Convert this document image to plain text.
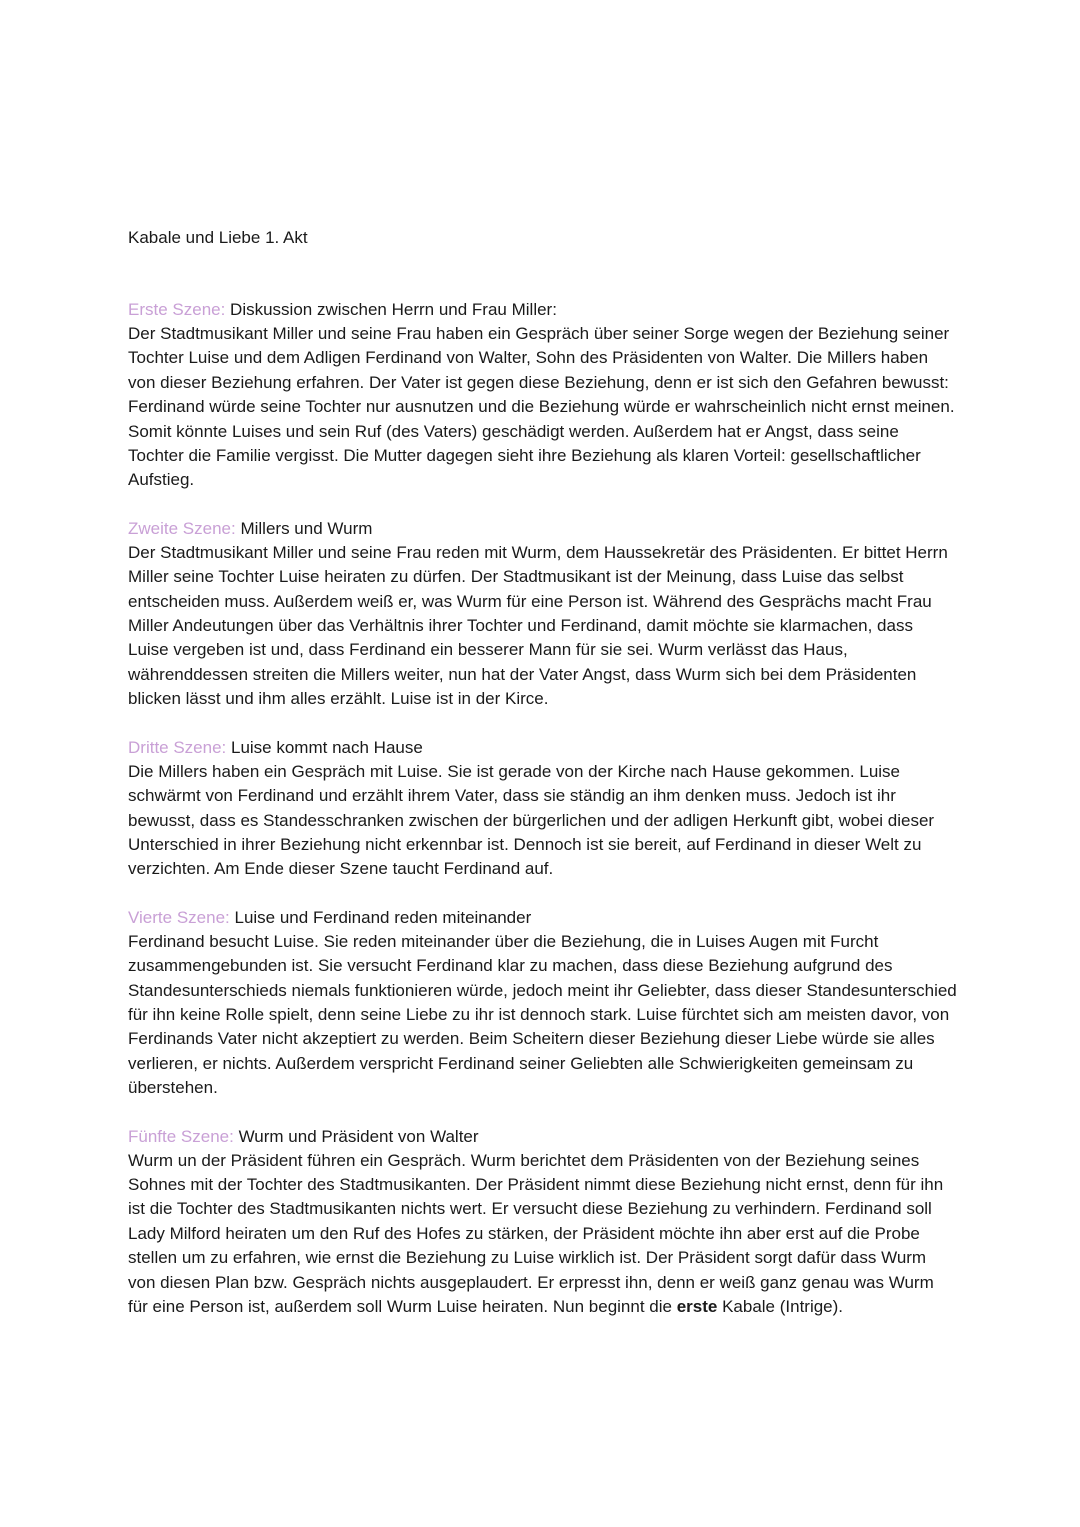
Kabale und Liebe 1. Akt

Erste Szene: Diskussion zwischen Herrn und Frau Miller:

Der Stadtmusikant Miller und seine Frau haben ein Gespräch über seiner Sorge wegen der Beziehung seiner Tochter Luise und dem Adligen Ferdinand von Walter, Sohn des Präsidenten von Walter. Die Millers haben von dieser Beziehung erfahren. Der Vater ist gegen diese Beziehung, denn er ist sich den Gefahren bewusst: Ferdinand würde seine Tochter nur ausnutzen und die Beziehung würde er wahrscheinlich nicht ernst meinen. Somit könnte Luises und sein Ruf (des Vaters) geschädigt werden. Außerdem hat er Angst, dass seine Tochter die Familie vergisst. Die Mutter dagegen sieht ihre Beziehung als klaren Vorteil: gesellschaftlicher Aufstieg.

Zweite Szene: Millers und Wurm

Der Stadtmusikant Miller und seine Frau reden mit Wurm, dem Haussekretär des Präsidenten. Er bittet Herrn Miller seine Tochter Luise heiraten zu dürfen. Der Stadtmusikant ist der Meinung, dass Luise das selbst entscheiden muss. Außerdem weiß er, was Wurm für eine Person ist. Während des Gesprächs macht Frau Miller Andeutungen über das Verhältnis ihrer Tochter und Ferdinand, damit möchte sie klarmachen, dass Luise vergeben ist und, dass Ferdinand ein besserer Mann für sie sei. Wurm verlässt das Haus, währenddessen streiten die Millers weiter, nun hat der Vater Angst, dass Wurm sich bei dem Präsidenten blicken lässt und ihm alles erzählt. Luise ist in der Kirce.

Dritte Szene: Luise kommt nach Hause

Die Millers haben ein Gespräch mit Luise. Sie ist gerade von der Kirche nach Hause gekommen. Luise schwärmt von Ferdinand und erzählt ihrem Vater, dass sie ständig an ihm denken muss. Jedoch ist ihr bewusst, dass es Standesschranken zwischen der bürgerlichen und der adligen Herkunft gibt, wobei dieser Unterschied in ihrer Beziehung nicht erkennbar ist. Dennoch ist sie bereit, auf Ferdinand in dieser Welt zu verzichten. Am Ende dieser Szene taucht Ferdinand auf.

Vierte Szene: Luise und Ferdinand reden miteinander

Ferdinand besucht Luise. Sie reden miteinander über die Beziehung, die in Luises Augen mit Furcht zusammengebunden ist. Sie versucht Ferdinand klar zu machen, dass diese Beziehung aufgrund des Standesunterschieds niemals funktionieren würde, jedoch meint ihr Geliebter, dass dieser Standesunterschied für ihn keine Rolle spielt, denn seine Liebe zu ihr ist dennoch stark. Luise fürchtet sich am meisten davor, von Ferdinands Vater nicht akzeptiert zu werden. Beim Scheitern dieser Beziehung dieser Liebe würde sie alles verlieren, er nichts. Außerdem verspricht Ferdinand seiner Geliebten alle Schwierigkeiten gemeinsam zu überstehen.

Fünfte Szene: Wurm und Präsident von Walter

Wurm un der Präsident führen ein Gespräch. Wurm berichtet dem Präsidenten von der Beziehung seines Sohnes mit der Tochter des Stadtmusikanten. Der Präsident nimmt diese Beziehung nicht ernst, denn für ihn ist die Tochter des Stadtmusikanten nichts wert. Er versucht diese Beziehung zu verhindern. Ferdinand soll Lady Milford heiraten um den Ruf des Hofes zu stärken, der Präsident möchte ihn aber erst auf die Probe stellen um zu erfahren, wie ernst die Beziehung zu Luise wirklich ist. Der Präsident sorgt dafür dass Wurm von diesen Plan bzw. Gespräch nichts ausgeplaudert. Er erpresst ihn, denn er weiß ganz genau was Wurm für eine Person ist, außerdem soll Wurm Luise heiraten. Nun beginnt die erste Kabale (Intrige).
